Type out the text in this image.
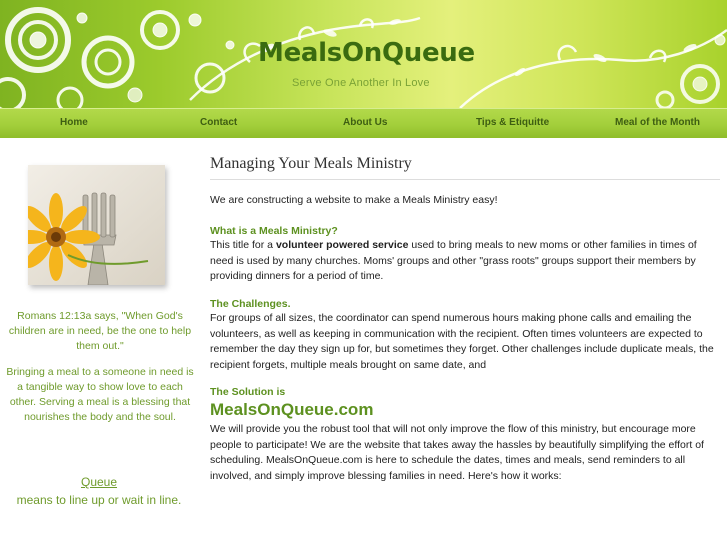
MealsOnQueue
Serve One Another In Love
Home	Contact	About Us	Tips & Etiquitte	Meal of the Month
Romans 12:13a says, "When God's children are in need, be the one to help them out."
Bringing a meal to a someone in need is a tangible way to show love to each other. Serving a meal is a blessing that nourishes the body and the soul.
Queue
means to line up or wait in line.
Managing Your Meals Ministry
We are constructing a website to make a Meals Ministry easy!
What is a Meals Ministry?
This title for a volunteer powered service used to bring meals to new moms or other families in times of need is used by many churches. Moms' groups and other "grass roots" groups support their members by providing dinners for a period of time.
The Challenges.
For groups of all sizes, the coordinator can spend numerous hours making phone calls and emailing the volunteers, as well as keeping in communication with the recipient. Often times volunteers are expected to remember the day they sign up for, but sometimes they forget. Other challenges include duplicate meals, the recipient forgets, multiple meals brought on same date, and
The Solution is
MealsOnQueue.com
We will provide you the robust tool that will not only improve the flow of this ministry, but encourage more people to participate! We are the website that takes away the hassles by beautifully simplifying the effort of scheduling. MealsOnQueue.com is here to schedule the dates, times and meals, send reminders to all involved, and simply improve blessing families in need. Here's how it works:
